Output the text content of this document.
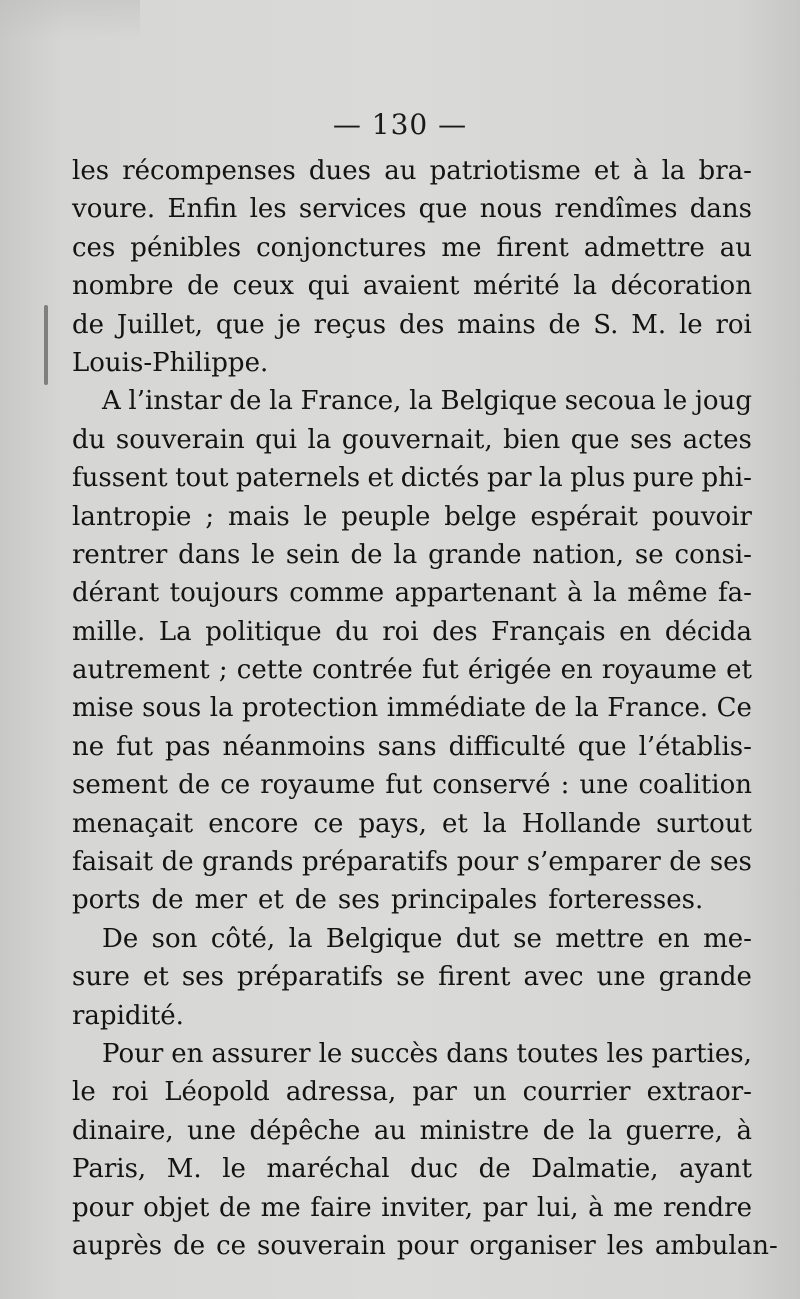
— 130 —
les récompenses dues au patriotisme et à la bra-
voure. Enfin les services que nous rendîmes dans
ces pénibles conjonctures me firent admettre au
nombre de ceux qui avaient mérité la décoration
de Juillet, que je reçus des mains de S. M. le roi
Louis-Philippe.
A l’instar de la France, la Belgique secoua le joug
du souverain qui la gouvernait, bien que ses actes
fussent tout paternels et dictés par la plus pure phi-
lantropie ; mais le peuple belge espérait pouvoir
rentrer dans le sein de la grande nation, se consi-
dérant toujours comme appartenant à la même fa-
mille. La politique du roi des Français en décida
autrement ; cette contrée fut érigée en royaume et
mise sous la protection immédiate de la France. Ce
ne fut pas néanmoins sans difficulté que l’établis-
sement de ce royaume fut conservé : une coalition
menaçait encore ce pays, et la Hollande surtout
faisait de grands préparatifs pour s’emparer de ses
ports de mer et de ses principales forteresses.
De son côté, la Belgique dut se mettre en me-
sure et ses préparatifs se firent avec une grande
rapidité.
Pour en assurer le succès dans toutes les parties,
le roi Léopold adressa, par un courrier extraor-
dinaire, une dépêche au ministre de la guerre, à
Paris, M. le maréchal duc de Dalmatie, ayant
pour objet de me faire inviter, par lui, à me rendre
auprès de ce souverain pour organiser les ambulan-
